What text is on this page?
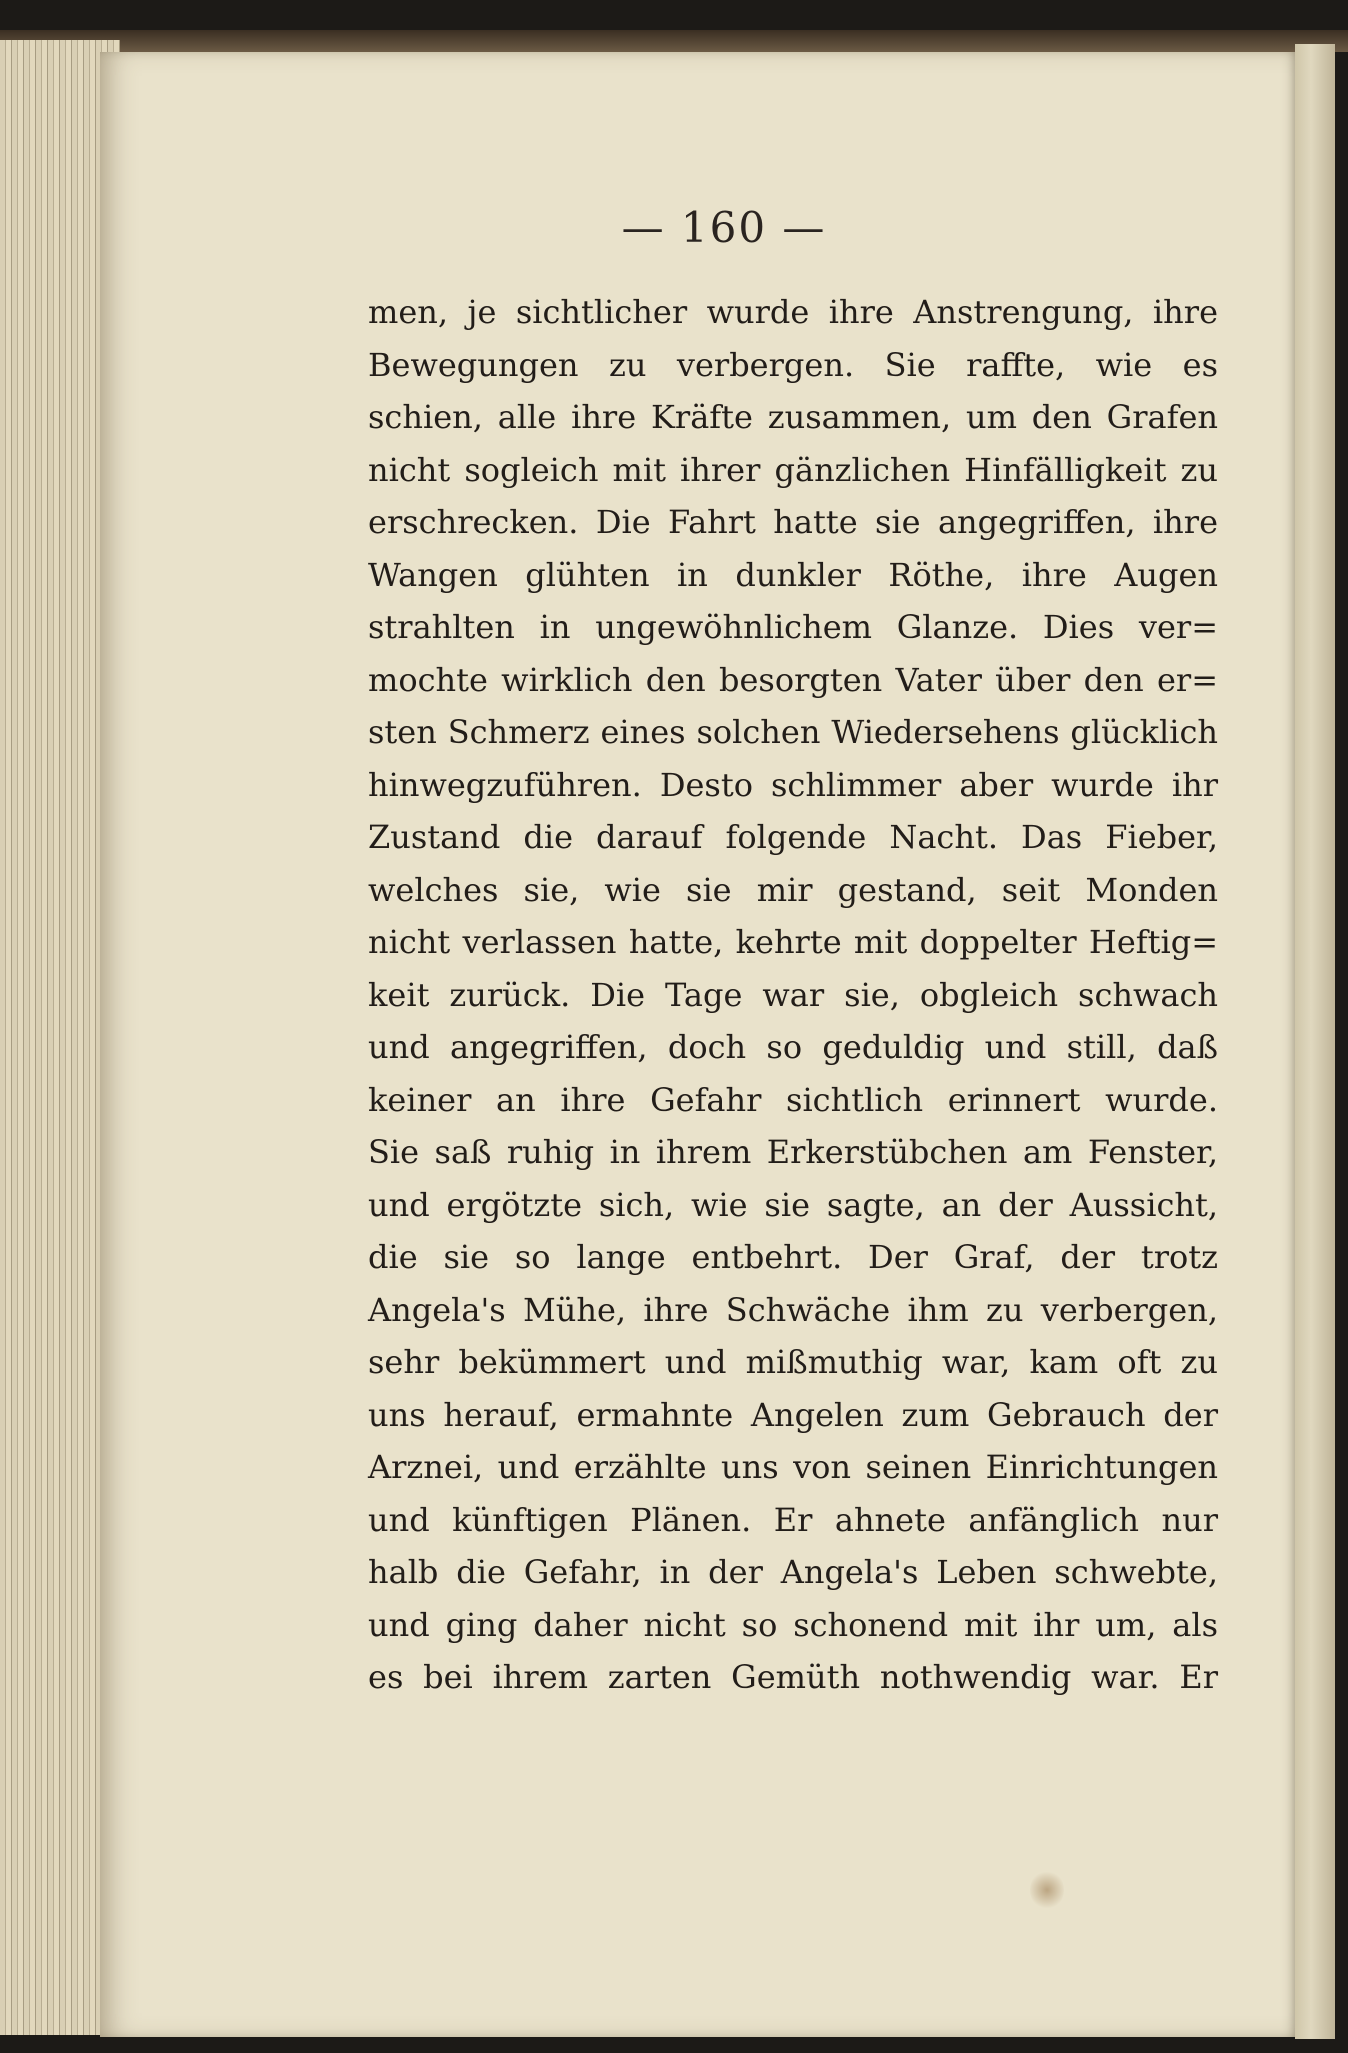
— 160 —
men, je sichtlicher wurde ihre Anstrengung, ihre
Bewegungen zu verbergen. Sie raffte, wie es
schien, alle ihre Kräfte zusammen, um den Grafen
nicht sogleich mit ihrer gänzlichen Hinfälligkeit zu
erschrecken. Die Fahrt hatte sie angegriffen, ihre
Wangen glühten in dunkler Röthe, ihre Augen
strahlten in ungewöhnlichem Glanze. Dies ver=
mochte wirklich den besorgten Vater über den er=
sten Schmerz eines solchen Wiedersehens glücklich
hinwegzuführen. Desto schlimmer aber wurde ihr
Zustand die darauf folgende Nacht. Das Fieber,
welches sie, wie sie mir gestand, seit Monden
nicht verlassen hatte, kehrte mit doppelter Heftig=
keit zurück. Die Tage war sie, obgleich schwach
und angegriffen, doch so geduldig und still, daß
keiner an ihre Gefahr sichtlich erinnert wurde.
Sie saß ruhig in ihrem Erkerstübchen am Fenster,
und ergötzte sich, wie sie sagte, an der Aussicht,
die sie so lange entbehrt. Der Graf, der trotz
Angela's Mühe, ihre Schwäche ihm zu verbergen,
sehr bekümmert und mißmuthig war, kam oft zu
uns herauf, ermahnte Angelen zum Gebrauch der
Arznei, und erzählte uns von seinen Einrichtungen
und künftigen Plänen. Er ahnete anfänglich nur
halb die Gefahr, in der Angela's Leben schwebte,
und ging daher nicht so schonend mit ihr um, als
es bei ihrem zarten Gemüth nothwendig war. Er
